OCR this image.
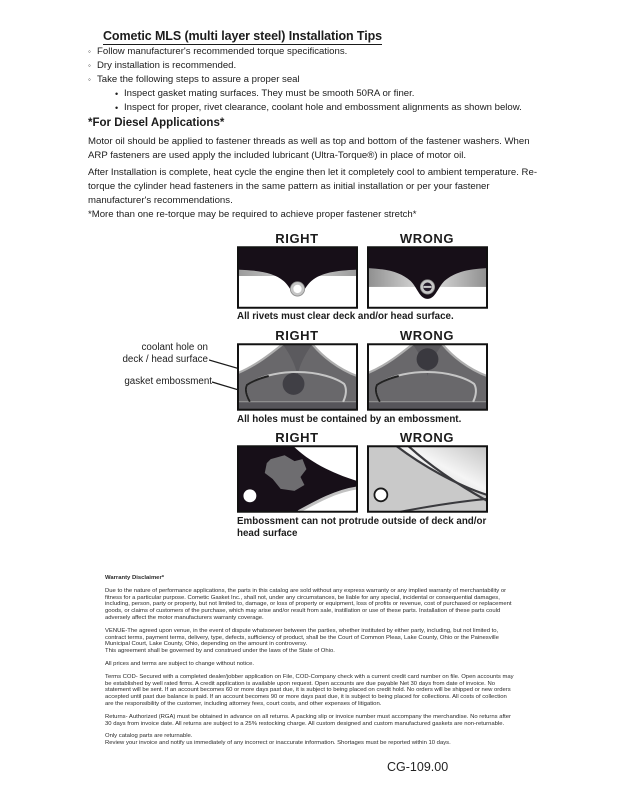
Cometic MLS (multi layer steel) Installation Tips
◦ Follow manufacturer's recommended torque specifications.
◦ Dry installation is recommended.
◦ Take the following steps to assure a proper seal
• Inspect gasket mating surfaces. They must be smooth 50RA or finer.
• Inspect for proper, rivet clearance, coolant hole and embossment alignments as shown below.
*For Diesel Applications*
Motor oil should be applied to fastener threads as well as top and bottom of the fastener washers. When ARP fasteners are used apply the included lubricant (Ultra-Torque®) in place of motor oil.
After Installation is complete, heat cycle the engine then let it completely cool to ambient temperature. Re-torque the cylinder head fasteners in the same pattern as initial installation or per your fastener manufacturer's recommendations.
*More than one re-torque may be required to achieve proper fastener stretch*
RIGHT	WRONG
All rivets must clear deck and/or head surface.
RIGHT	WRONG
coolant hole on
deck / head surface
gasket embossment
All holes must be contained by an embossment.
RIGHT	WRONG
Embossment can not protrude outside of deck and/or head surface
Warranty Disclaimer*

Due to the nature of performance applications, the parts in this catalog are sold without any express warranty or any implied warranty of merchantability or fitness for a particular purpose. Cometic Gasket Inc., shall not, under any circumstances, be liable for any special, incidental or consequential damages, including, person, party or property, but not limited to, damage, or loss of property or equipment, loss of profits or revenue, cost of purchased or replacement goods, or claims of customers of the purchase, which may arise and/or result from sale, instillation or use of these parts. Installation of these parts could adversely affect the motor manufacturers warranty coverage.

VENUE-The agreed upon venue, in the event of dispute whatsoever between the parties, whether instituted by either party, including, but not limited to, contract terms, payment terms, delivery, type, defects, sufficiency of product, shall be the Court of Common Pleas, Lake County, Ohio or the Painesville Municipal Court, Lake County, Ohio, depending on the amount in controversy.

This agreement shall be governed by and construed under the laws of the State of Ohio.

All prices and terms are subject to change without notice.

Terms COD- Secured with a completed dealer/jobber application on File, COD-Company check with a current credit card number on file. Open accounts may be established by well rated firms. A credit application is available upon request. Open accounts are due payable Net 30 days from date of invoice. No statement will be sent. If an account becomes 60 or more days past due, it is subject to being placed on credit hold. No orders will be shipped or new orders accepted until past due balance is paid. If an account becomes 90 or more days past due, it is subject to being placed for collections. All costs of collection are the responsibility of the customer, including attorney fees, court costs, and other expenses of litigation.

Returns- Authorized (RGA) must be obtained in advance on all returns. A packing slip or invoice number must accompany the merchandise. No returns after 30 days from invoice date. All returns are subject to a 25% restocking charge. All custom designed and custom manufactured gaskets are non-returnable.

Only catalog parts are returnable.

Review your invoice and notify us immediately of any incorrect or inaccurate information. Shortages must be reported within 10 days.

CG-109.00
